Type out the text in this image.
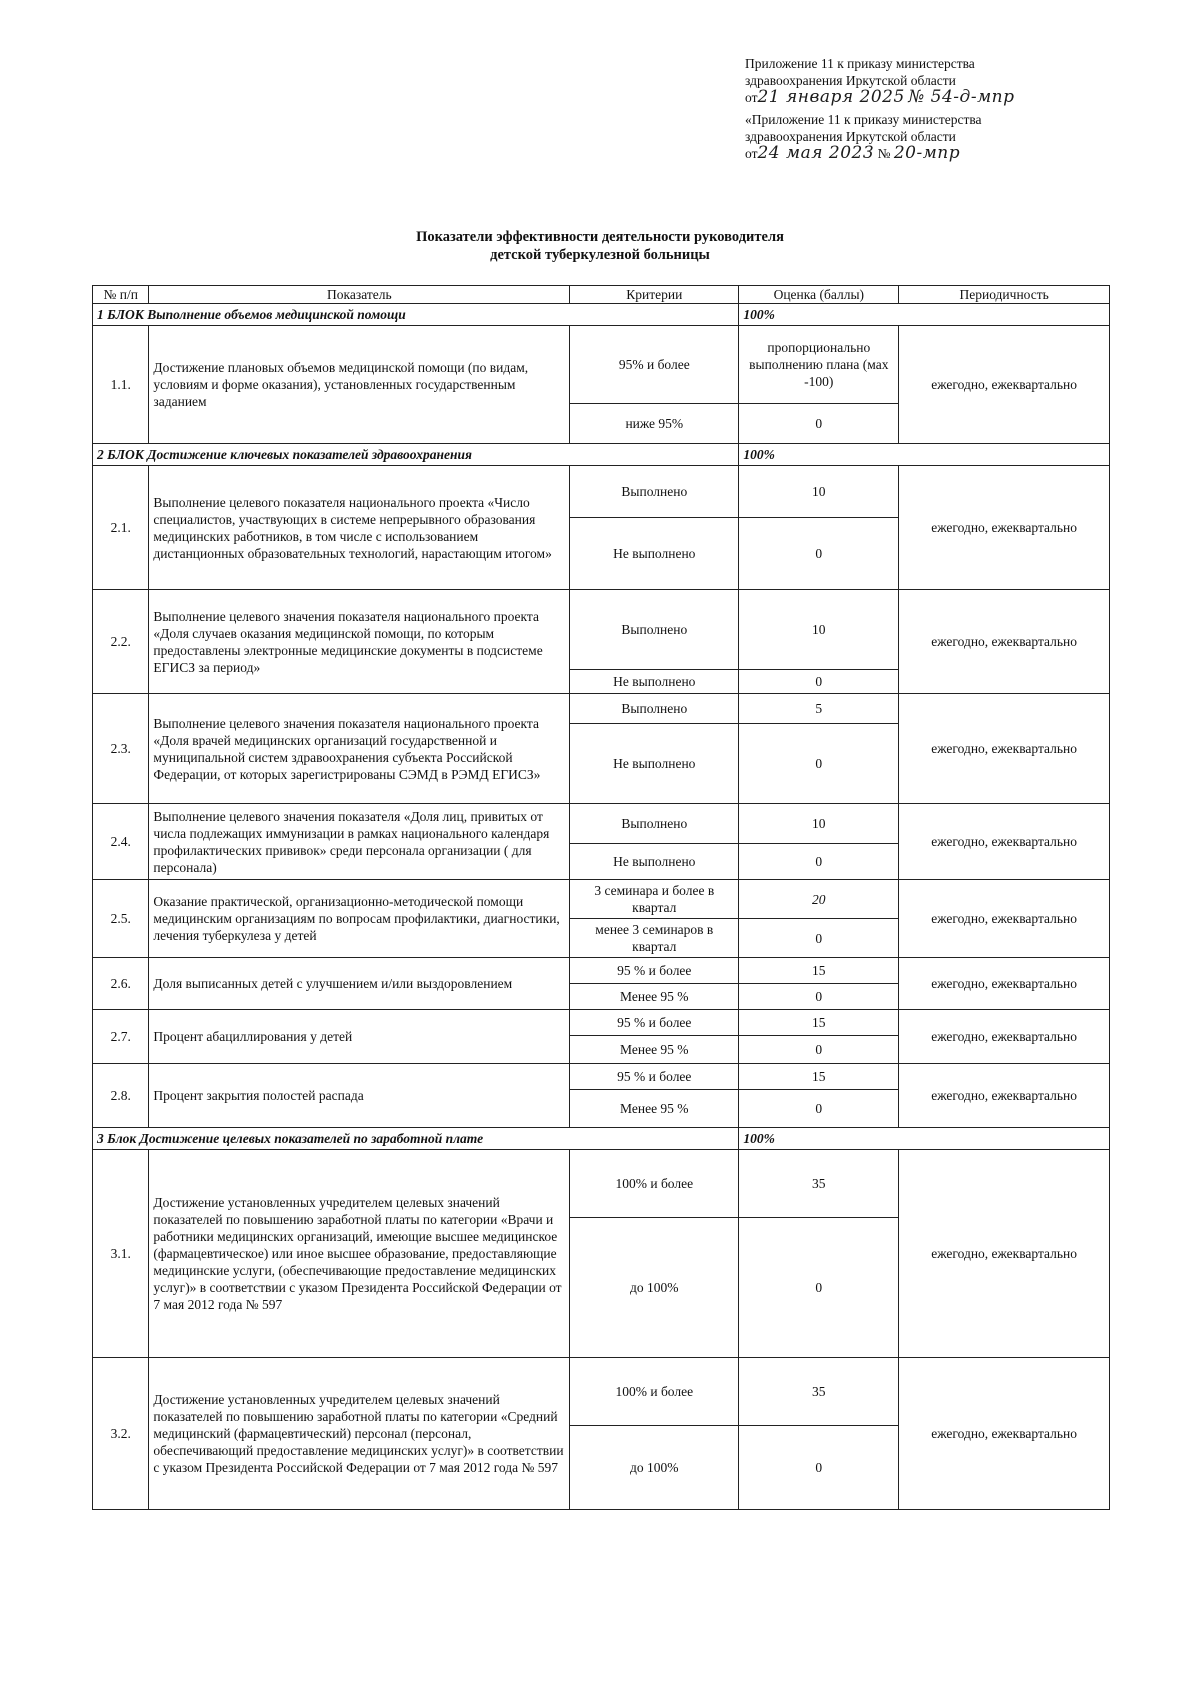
Приложение 11 к приказу министерства
здравоохранения Иркутской области
от21 января 2025 № 54-д-мпр
«Приложение 11 к приказу министерства
здравоохранения Иркутской области
от24 мая 2023 № 20-мпр
Показатели эффективности деятельности руководителя
детской туберкулезной больницы
№ п/п	Показатель	Критерии	Оценка (баллы)	Периодичность
1 БЛОК Выполнение объемов медицинской помощи			100%	
1.1.	Достижение плановых объемов медицинской помощи (по видам, условиям и форме оказания), установленных государственным заданием	95% и более	пропорционально выполнению плана (мах -100)	ежегодно, ежеквартально
		ниже 95%	0	
2 БЛОК Достижение ключевых показателей здравоохранения			100%	
2.1.	Выполнение целевого показателя национального проекта «Число специалистов, участвующих в системе непрерывного образования медицинских работников, в том числе с использованием дистанционных образовательных технологий, нарастающим итогом»	Выполнено	10	ежегодно, ежеквартально
		Не выполнено	0	
2.2.	Выполнение целевого значения показателя национального проекта «Доля случаев оказания медицинской помощи, по которым предоставлены электронные медицинские документы в подсистеме ЕГИСЗ за период»	Выполнено	10	ежегодно, ежеквартально
		Не выполнено	0	
2.3.	Выполнение целевого значения показателя национального проекта «Доля врачей медицинских организаций государственной и муниципальной систем здравоохранения субъекта Российской Федерации, от которых зарегистрированы СЭМД в РЭМД ЕГИСЗ»	Выполнено	5	ежегодно, ежеквартально
		Не выполнено	0	
2.4.	Выполнение целевого значения показателя «Доля лиц, привитых от числа подлежащих иммунизации в рамках национального календаря профилактических прививок» среди персонала организации ( для персонала)	Выполнено	10	ежегодно, ежеквартально
		Не выполнено	0	
2.5.	Оказание практической, организационно-методической помощи медицинским организациям по вопросам профилактики, диагностики, лечения туберкулеза у детей	3 семинара и более в квартал	20	ежегодно, ежеквартально
		менее 3 семинаров в квартал	0	
2.6.	Доля выписанных детей с улучшением и/или выздоровлением	95 % и более	15	ежегодно, ежеквартально
		Менее 95 %	0	
2.7.	Процент абациллирования у детей	95 % и более	15	ежегодно, ежеквартально
		Менее 95 %	0	
2.8.	Процент закрытия полостей распада	95 % и более	15	ежегодно, ежеквартально
		Менее 95 %	0	
3 Блок Достижение целевых показателей по заработной плате			100%	
3.1.	Достижение установленных учредителем целевых значений показателей по повышению заработной платы по категории «Врачи и работники медицинских организаций, имеющие высшее медицинское (фармацевтическое) или иное высшее образование, предоставляющие медицинские услуги, (обеспечивающие предоставление медицинских услуг)» в соответствии с указом Президента Российской Федерации от 7 мая 2012 года № 597	100% и более	35	ежегодно, ежеквартально
		до 100%	0	
3.2.	Достижение установленных учредителем целевых значений показателей по повышению заработной платы по категории «Средний медицинский (фармацевтический) персонал (персонал, обеспечивающий предоставление медицинских услуг)» в соответствии с указом Президента Российской Федерации от 7 мая 2012 года № 597	100% и более	35	ежегодно, ежеквартально
		до 100%	0	
